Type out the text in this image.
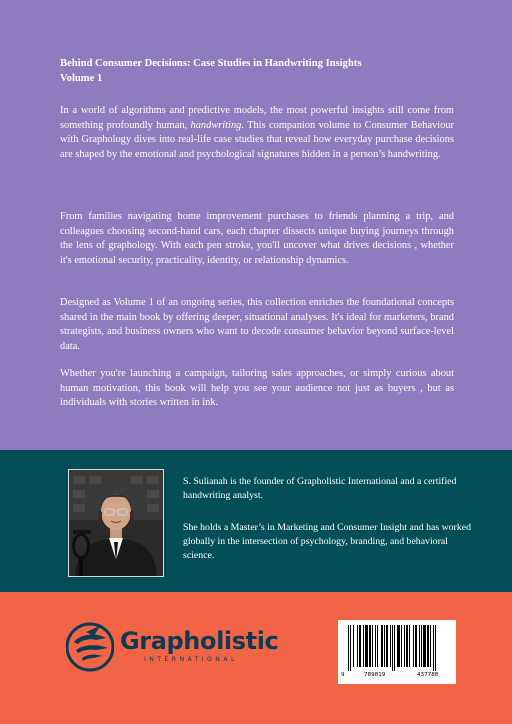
Behind Consumer Decisions: Case Studies in Handwriting Insights
Volume 1

In a world of algorithms and predictive models, the most powerful insights still come from something profoundly human, handwriting. This companion volume to Consumer Behaviour with Graphology dives into real-life case studies that reveal how everyday purchase decisions are shaped by the emotional and psychological signatures hidden in a person’s handwriting.

From families navigating home improvement purchases to friends planning a trip, and colleagues choosing second-hand cars, each chapter dissects unique buying journeys through the lens of graphology. With each pen stroke, you'll uncover what drives decisions , whether it's emotional security, practicality, identity, or relationship dynamics.

Designed as Volume 1 of an ongoing series, this collection enriches the foundational concepts shared in the main book by offering deeper, situational analyses. It's ideal for marketers, brand strategists, and business owners who want to decode consumer behavior beyond surface-level data.

Whether you're launching a campaign, tailoring sales approaches, or simply curious about human motivation, this book will help you see your audience not just as buyers , but as individuals with stories written in ink.

S. Sulianah is the founder of Grapholistic International and a certified handwriting analyst.

She holds a Master’s in Marketing and Consumer Insight and has worked globally in the intersection of psychology, branding, and behavioral science.

Grapholistic
INTERNATIONAL
9	789819	437788
